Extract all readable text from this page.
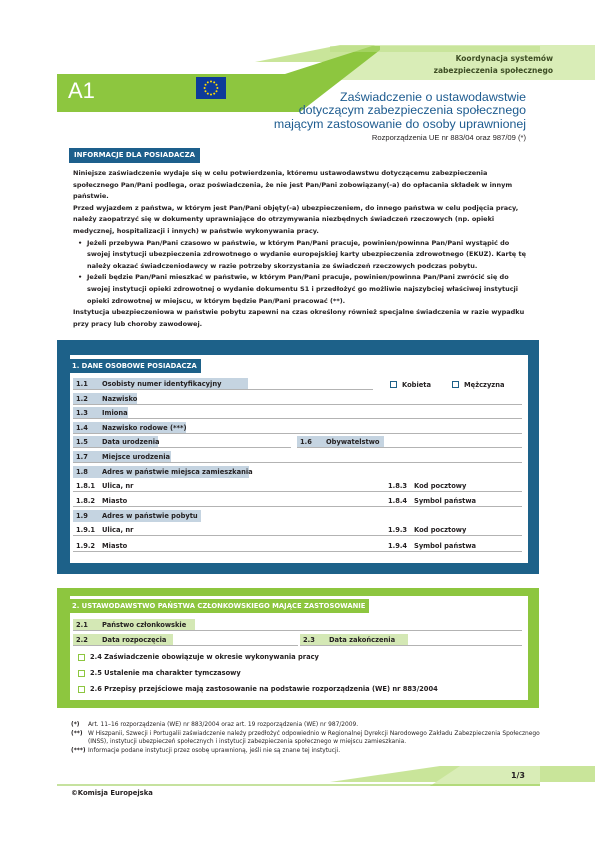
Koordynacja systemów
zabezpieczenia społecznego
A1	Zaświadczenie o ustawodawstwie
dotyczącym zabezpieczenia społecznego
mającym zastosowanie do osoby uprawnionej
Rozporządzenia UE nr 883/04 oraz 987/09 (*)
INFORMACJE DLA POSIADACZA

Niniejsze zaświadczenie wydaje się w celu potwierdzenia, któremu ustawodawstwu dotyczącemu zabezpieczenia społecznego Pan/Pani podlega, oraz poświadczenia, że nie jest Pan/Pani zobowiązany(-a) do opłacania składek w innym państwie.

Przed wyjazdem z państwa, w którym jest Pan/Pani objęty(-a) ubezpieczeniem, do innego państwa w celu podjęcia pracy, należy zaopatrzyć się w dokumenty uprawniające do otrzymywania niezbędnych świadczeń rzeczowych (np. opieki medycznej, hospitalizacji i innych) w państwie wykonywania pracy.

• Jeżeli przebywa Pan/Pani czasowo w państwie, w którym Pan/Pani pracuje, powinien/powinna Pan/Pani wystąpić do swojej instytucji ubezpieczenia zdrowotnego o wydanie europejskiej karty ubezpieczenia zdrowotnego (EKUZ). Kartę tę należy okazać świadczeniodawcy w razie potrzeby skorzystania ze świadczeń rzeczowych podczas pobytu.

• Jeżeli będzie Pan/Pani mieszkać w państwie, w którym Pan/Pani pracuje, powinien/powinna Pan/Pani zwrócić się do swojej instytucji opieki zdrowotnej o wydanie dokumentu S1 i przedłożyć go możliwie najszybciej właściwej instytucji opieki zdrowotnej w miejscu, w którym będzie Pan/Pani pracować (**).

Instytucja ubezpieczeniowa w państwie pobytu zapewni na czas określony również specjalne świadczenia w razie wypadku przy pracy lub choroby zawodowej.

1. DANE OSOBOWE POSIADACZA
1.1 Osobisty numer identyfikacyjny	Kobieta	Mężczyzna
1.2 Nazwisko
1.3 Imiona
1.4 Nazwisko rodowe (***)
1.5 Data urodzenia	1.6 Obywatelstwo
1.7 Miejsce urodzenia
1.8 Adres w państwie miejsca zamieszkania
1.8.1 Ulica, nr	1.8.3 Kod pocztowy
1.8.2 Miasto	1.8.4 Symbol państwa
1.9 Adres w państwie pobytu
1.9.1 Ulica, nr	1.9.3 Kod pocztowy
1.9.2 Miasto	1.9.4 Symbol państwa
2. USTAWODAWSTWO PAŃSTWA CZŁONKOWSKIEGO MAJĄCE ZASTOSOWANIE
2.1 Państwo członkowskie
2.2 Data rozpoczęcia	2.3 Data zakończenia
2.4 Zaświadczenie obowiązuje w okresie wykonywania pracy
2.5 Ustalenie ma charakter tymczasowy
2.6 Przepisy przejściowe mają zastosowanie na podstawie rozporządzenia (WE) nr 883/2004
(*) Art. 11–16 rozporządzenia (WE) nr 883/2004 oraz art. 19 rozporządzenia (WE) nr 987/2009.
(**) W Hiszpanii, Szwecji i Portugalii zaświadczenie należy przedłożyć odpowiednio w Regionalnej Dyrekcji Narodowego Zakładu Zabezpieczenia Społecznego (INSS), instytucji ubezpieczeń społecznych i instytucji zabezpieczenia społecznego w miejscu zamieszkania.
(***) Informacje podane instytucji przez osobę uprawnioną, jeśli nie są znane tej instytucji.
1/3
©Komisja Europejska
